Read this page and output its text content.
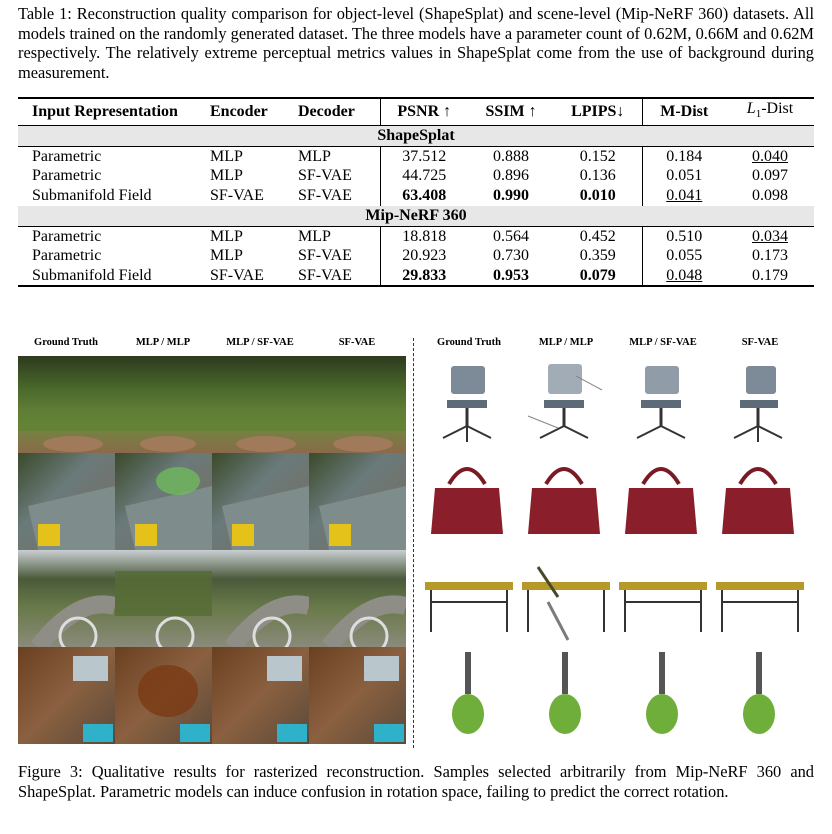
Table 1: Reconstruction quality comparison for object-level (ShapeSplat) and scene-level (Mip-NeRF 360) datasets. All models trained on the randomly generated dataset. The three models have a parameter count of 0.62M, 0.66M and 0.62M respectively. The relatively extreme perceptual metrics values in ShapeSplat come from the use of background during measurement.
Input Representation	Encoder	Decoder	PSNR ↑	SSIM ↑	LPIPS↓	M-Dist	$L_1$-Dist
ShapeSplat							
Parametric	MLP	MLP	37.512	0.888	0.152	0.184	0.040
Parametric	MLP	SF-VAE	44.725	0.896	0.136	0.051	0.097
Submanifold Field	SF-VAE	SF-VAE	63.408	0.990	0.010	0.041	0.098
Mip-NeRF 360							
Parametric	MLP	MLP	18.818	0.564	0.452	0.510	0.034
Parametric	MLP	SF-VAE	20.923	0.730	0.359	0.055	0.173
Submanifold Field	SF-VAE	SF-VAE	29.833	0.953	0.079	0.048	0.179
Ground Truth	MLP / MLP	MLP / SF-VAE	SF-VAE	Ground Truth	MLP / MLP	MLP / SF-VAE	SF-VAE
Figure 3: Qualitative results for rasterized reconstruction. Samples selected arbitrarily from Mip-NeRF 360 and ShapeSplat. Parametric models can induce confusion in rotation space, failing to predict the correct rotation.
